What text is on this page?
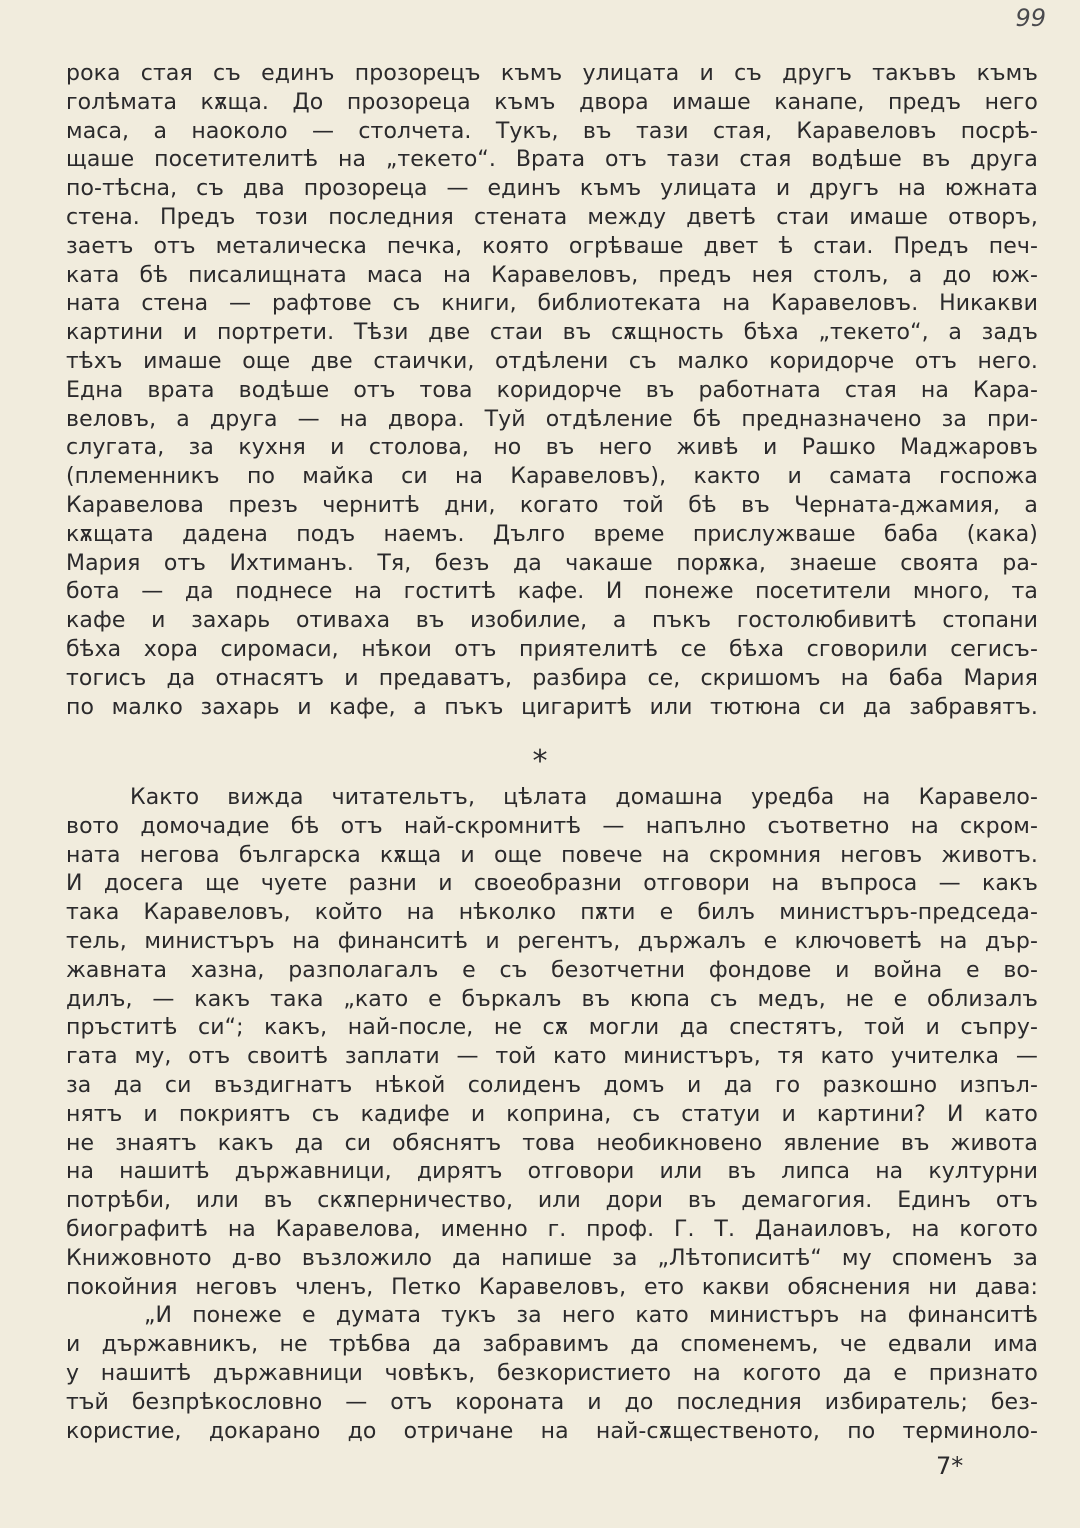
99
рока стая съ единъ прозорецъ къмъ улицата и съ другъ такъвъ къмъ
голѣмата кѫща. До прозореца къмъ двора имаше канапе, предъ него
маса, а наоколо — столчета. Тукъ, въ тази стая, Каравеловъ посрѣ-
щаше посетителитѣ на „текето“. Врата отъ тази стая водѣше въ друга
по-тѣсна, съ два прозореца — единъ къмъ улицата и другъ на южната
стена. Предъ този последния стената между дветѣ стаи имаше отворъ,
заетъ отъ металическа печка, която огрѣваше двет ѣ стаи. Предъ печ-
ката бѣ писалищната маса на Каравеловъ, предъ нея столъ, а до юж-
ната стена — рафтове съ книги, библиотеката на Каравеловъ. Никакви
картини и портрети. Тѣзи две стаи въ сѫщность бѣха „текето“, а задъ
тѣхъ имаше още две стаички, отдѣлени съ малко коридорче отъ него.
Една врата водѣше отъ това коридорче въ работната стая на Кара-
веловъ, а друга — на двора. Туй отдѣление бѣ предназначено за при-
слугата, за кухня и столова, но въ него живѣ и Рашко Маджаровъ
(племенникъ по майка си на Каравеловъ), както и самата госпожа
Каравелова презъ чернитѣ дни, когато той бѣ въ Черната-джамия, а
кѫщата дадена подъ наемъ. Дълго време прислужваше баба (кака)
Мария отъ Ихтиманъ. Тя, безъ да чакаше порѫка, знаеше своята ра-
бота — да поднесе на гоститѣ кафе. И понеже посетители много, та
кафе и захарь отиваха въ изобилие, а пъкъ гостолюбивитѣ стопани
бѣха хора сиромаси, нѣкои отъ приятелитѣ се бѣха сговорили сегисъ-
тогисъ да отнасятъ и предаватъ, разбира се, скришомъ на баба Мария
по малко захарь и кафе, а пъкъ цигаритѣ или тютюна си да забравятъ.
*
Както вижда читательтъ, цѣлата домашна уредба на Каравело-
вото домочадие бѣ отъ най-скромнитѣ — напълно съответно на скром-
ната негова българска кѫща и още повече на скромния неговъ животъ.
И досега ще чуете разни и своеобразни отговори на въпроса — какъ
така Каравеловъ, който на нѣколко пѫти е билъ министъръ-председа-
тель, министъръ на финанситѣ и регентъ, държалъ е ключоветѣ на дър-
жавната хазна, разполагалъ е съ безотчетни фондове и война е во-
дилъ, — какъ така „като е бъркалъ въ кюпа съ медъ, не е облизалъ
пръститѣ си“; какъ, най-после, не сѫ могли да спестятъ, той и съпру-
гата му, отъ своитѣ заплати — той като министъръ, тя като учителка —
за да си въздигнатъ нѣкой солиденъ домъ и да го разкошно изпъл-
нятъ и покриятъ съ кадифе и коприна, съ статуи и картини? И като
не знаятъ какъ да си обяснятъ това необикновено явление въ живота
на нашитѣ държавници, дирятъ отговори или въ липса на културни
потрѣби, или въ скѫперничество, или дори въ демагогия. Единъ отъ
биографитѣ на Каравелова, именно г. проф. Г. Т. Данаиловъ, на когото
Книжовното д-во възложило да напише за „Лѣтописитѣ“ му споменъ за
покойния неговъ членъ, Петко Каравеловъ, ето какви обяснения ни дава:
„И понеже е думата тукъ за него като министъръ на финанситѣ
и държавникъ, не трѣбва да забравимъ да споменемъ, че едвали има
у нашитѣ държавници човѣкъ, безкористието на когото да е признато
тъй безпрѣкословно — отъ короната и до последния избиратель; без-
користие, докарано до отричане на най-сѫщественото, по терминоло-
7*
